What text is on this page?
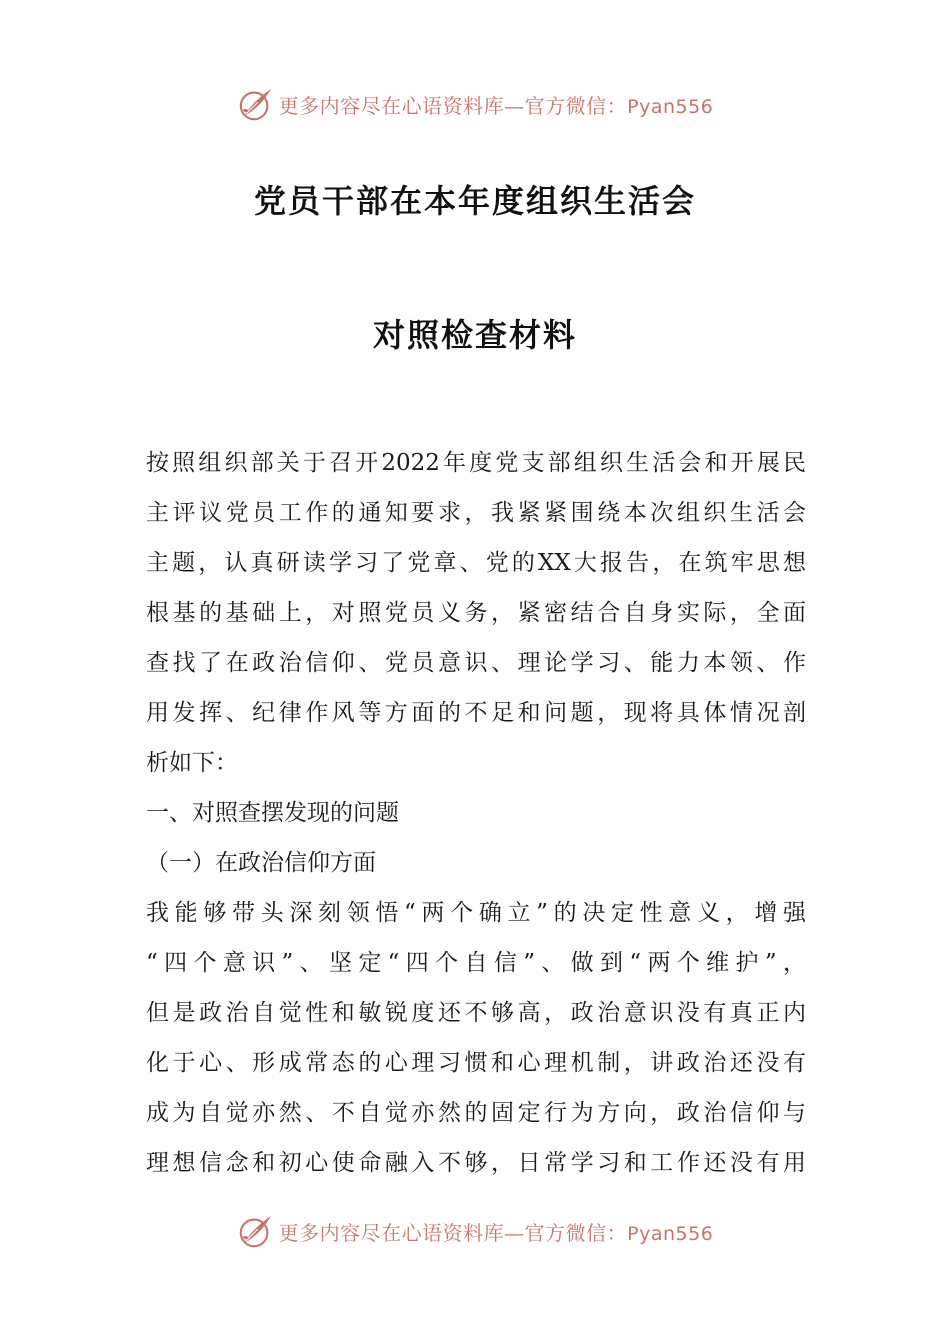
更多内容尽在心语资料库—官方微信：Pyan556
党员干部在本年度组织生活会
对照检查材料
按照组织部关于召开2022年度党支部组织生活会和开展民
主评议党员工作的通知要求，我紧紧围绕本次组织生活会
主题，认真研读学习了党章、党的XX大报告，在筑牢思想
根基的基础上，对照党员义务，紧密结合自身实际，全面
查找了在政治信仰、党员意识、理论学习、能力本领、作
用发挥、纪律作风等方面的不足和问题，现将具体情况剖
析如下：
一、对照查摆发现的问题
（一）在政治信仰方面
我能够带头深刻领悟“两个确立”的决定性意义，增强
“四个意识”、坚定“四个自信”、做到“两个维护”，
但是政治自觉性和敏锐度还不够高，政治意识没有真正内
化于心、形成常态的心理习惯和心理机制，讲政治还没有
成为自觉亦然、不自觉亦然的固定行为方向，政治信仰与
理想信念和初心使命融入不够，日常学习和工作还没有用
更多内容尽在心语资料库—官方微信：Pyan556
